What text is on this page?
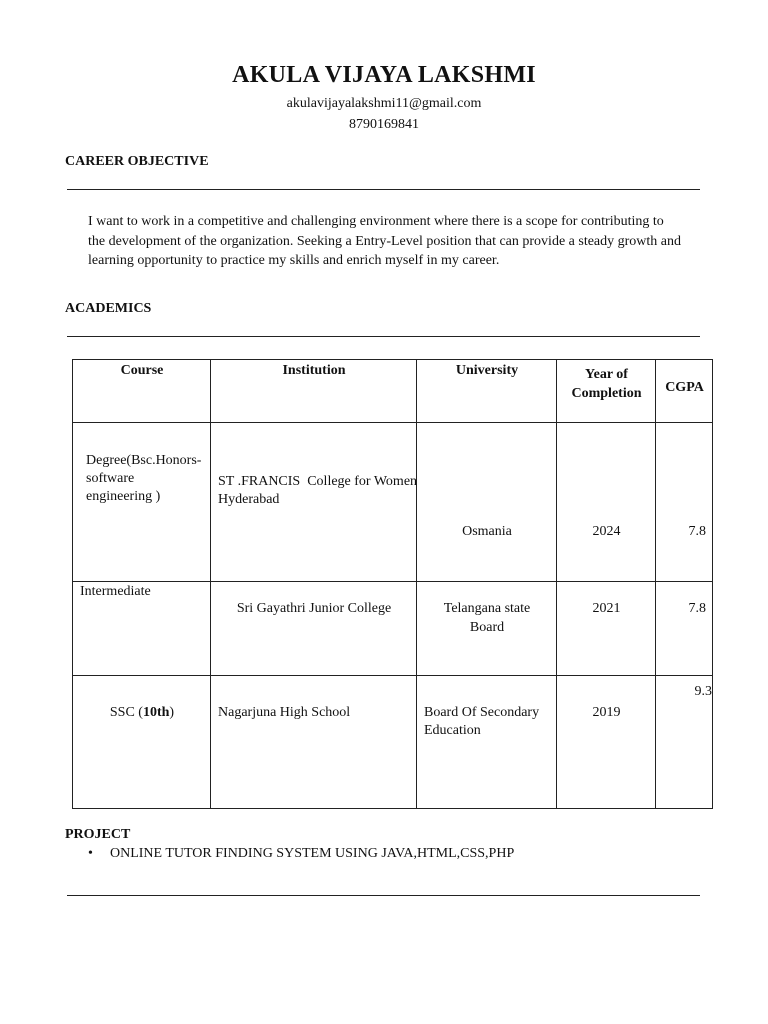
AKULA VIJAYA LAKSHMI
akulavijayalakshmi11@gmail.com
8790169841
CAREER OBJECTIVE
I want to work in a competitive and challenging environment where there is a scope for contributing to
the development of the organization. Seeking a Entry-Level position that can provide a steady growth and
learning opportunity to practice my skills and enrich myself in my career.
ACADEMICS
Course	Institution	University	Year of
Completion	CGPA

Degree(Bsc.Honors-
software
engineering )	ST .FRANCIS  College for Women
Hyderabad	Osmania	2024	7.8

Intermediate	Sri Gayathri Junior College	Telangana state
Board	2021	7.8

SSC (10th)	Nagarjuna High School	Board Of Secondary
Education	2019	9.3
PROJECT
• ONLINE TUTOR FINDING SYSTEM USING JAVA,HTML,CSS,PHP
